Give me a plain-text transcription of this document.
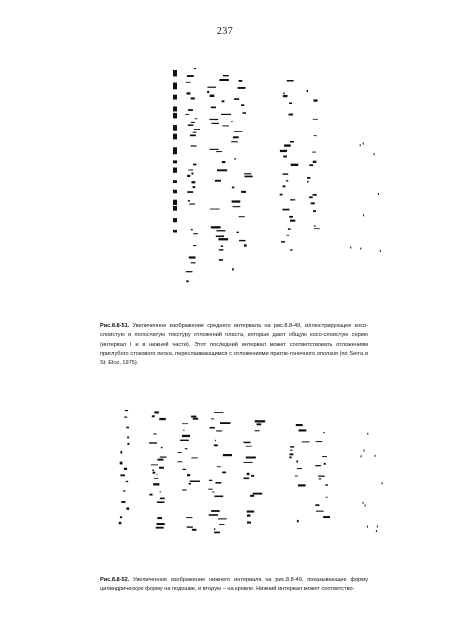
237
Рис.8.8-51. Увеличенное изображение среднего интервала на рис.8.8-49, иллюстрирующее косо-слоистую и полосчатую текстуру отложений пласта, которые дают общую косо-слоистую серию (интервал I и в нижней части). Этот последний интервал может соответствовать отложениям приглубого стокового песка, переслаивающимся с отложениями пригле-гоночного оползня (по Serra и St. Elce, 1975).
Рис.8.8-52. Увеличенное изображение нижнего интервала на рис.8.8-49, показывающее форму цилиндрическую форму на подошве, и вторую – на кровле. Нижний интервал может соответство-
